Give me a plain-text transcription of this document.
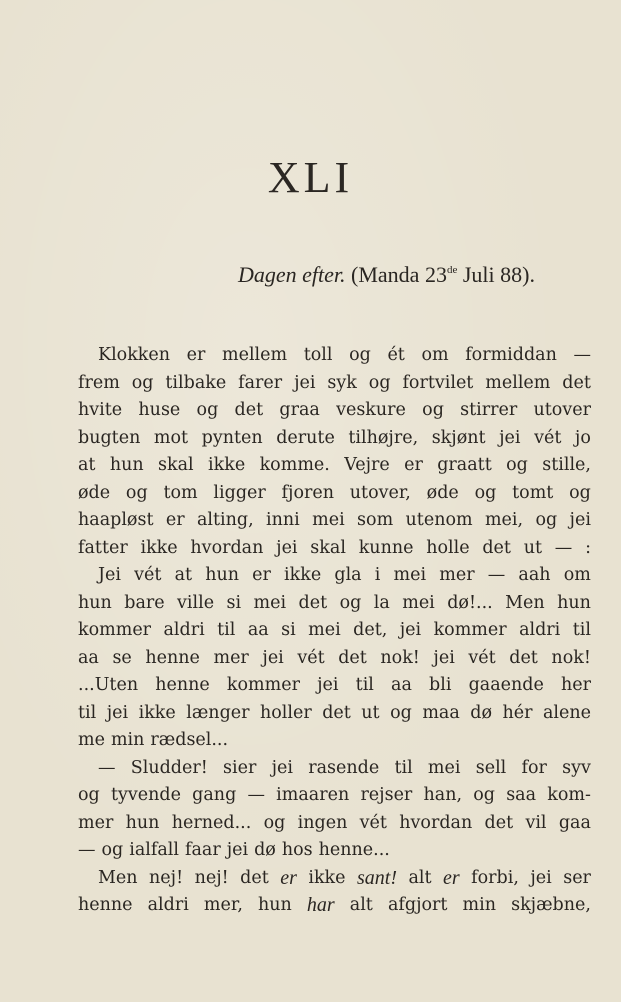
XLI
Dagen efter. (Manda 23de Juli 88).
Klokken er mellem toll og ét om formiddan —
frem og tilbake farer jei syk og fortvilet mellem det
hvite huse og det graa veskure og stirrer utover
bugten mot pynten derute tilhøjre, skjønt jei vét jo
at hun skal ikke komme. Vejre er graatt og stille,
øde og tom ligger fjoren utover, øde og tomt og
haapløst er alting, inni mei som utenom mei, og jei
fatter ikke hvordan jei skal kunne holle det ut — :
Jei vét at hun er ikke gla i mei mer — aah om
hun bare ville si mei det og la mei dø!... Men hun
kommer aldri til aa si mei det, jei kommer aldri til
aa se henne mer jei vét det nok! jei vét det nok!
...Uten henne kommer jei til aa bli gaaende her
til jei ikke længer holler det ut og maa dø hér alene
me min rædsel...
— Sludder! sier jei rasende til mei sell for syv
og tyvende gang — imaaren rejser han, og saa kom-
mer hun herned... og ingen vét hvordan det vil gaa
— og ialfall faar jei dø hos henne...
Men nej! nej! det er ikke sant! alt er forbi, jei ser
henne aldri mer, hun har alt afgjort min skjæbne,
